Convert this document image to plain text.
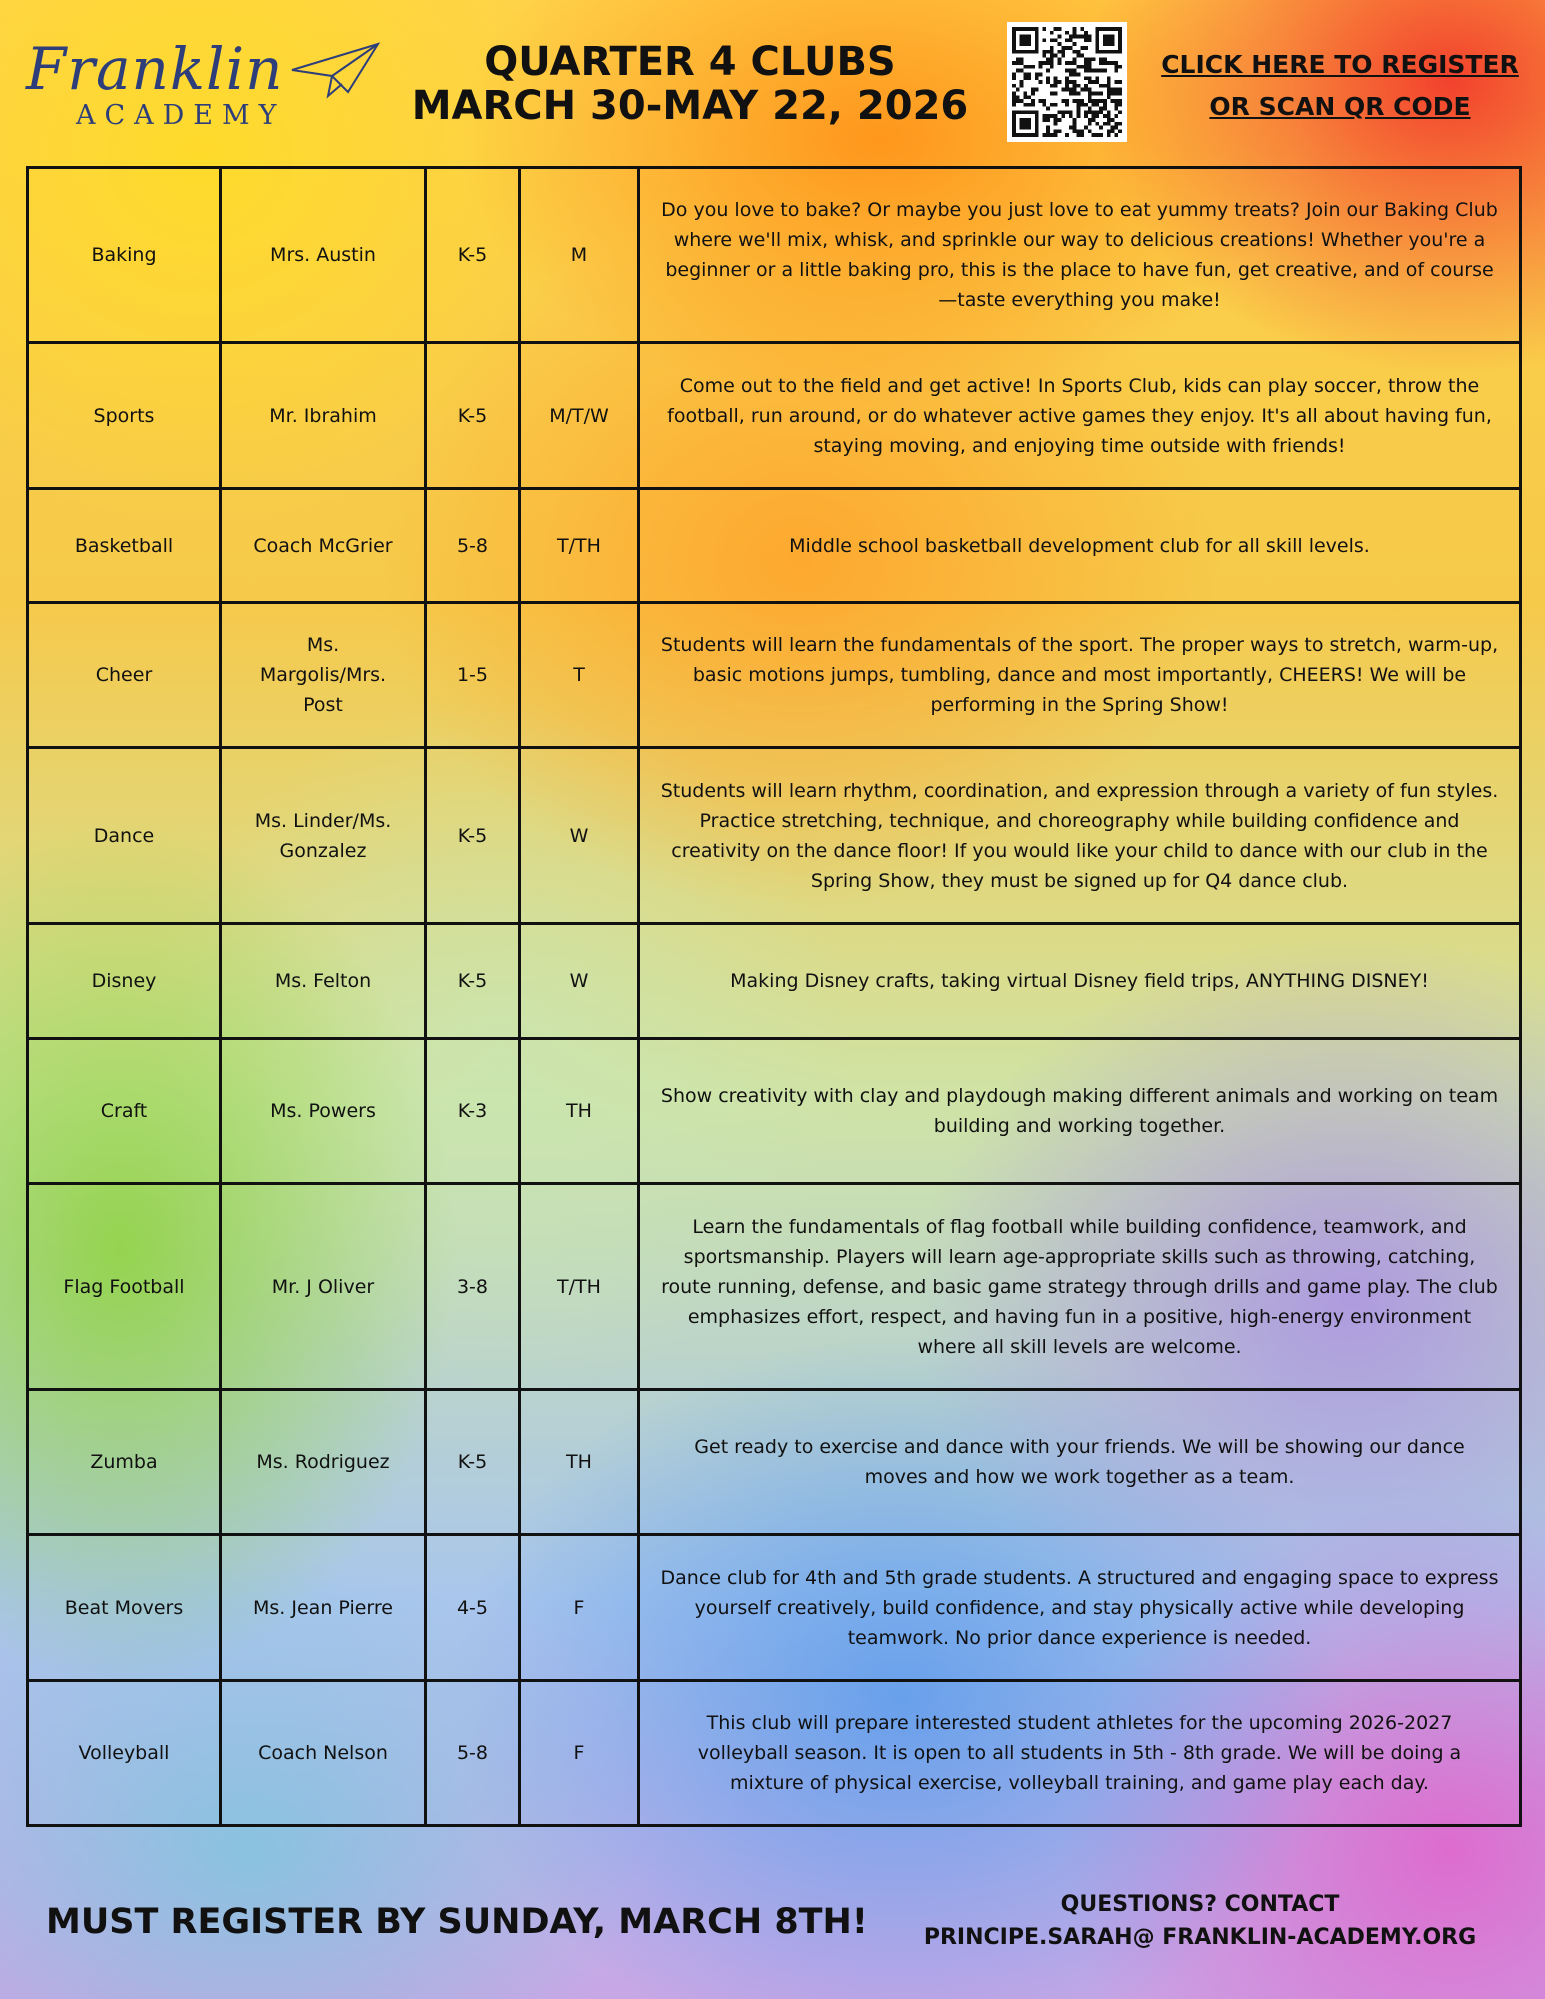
Franklin
ACADEMY
QUARTER 4 CLUBS
MARCH 30-MAY 22, 2026
CLICK HERE TO REGISTER
OR SCAN QR CODE
Baking	Mrs. Austin	K-5	M	Do you love to bake? Or maybe you just love to eat yummy treats? Join our Baking Club where we'll mix, whisk, and sprinkle our way to delicious creations! Whether you're a beginner or a little baking pro, this is the place to have fun, get creative, and of course—taste everything you make!
Sports	Mr. Ibrahim	K-5	M/T/W	Come out to the field and get active! In Sports Club, kids can play soccer, throw the football, run around, or do whatever active games they enjoy. It's all about having fun, staying moving, and enjoying time outside with friends!
Basketball	Coach McGrier	5-8	T/TH	Middle school basketball development club for all skill levels.
Cheer	Ms. Margolis/Mrs. Post	1-5	T	Students will learn the fundamentals of the sport. The proper ways to stretch, warm-up, basic motions jumps, tumbling, dance and most importantly, CHEERS! We will be performing in the Spring Show!
Dance	Ms. Linder/Ms. Gonzalez	K-5	W	Students will learn rhythm, coordination, and expression through a variety of fun styles. Practice stretching, technique, and choreography while building confidence and creativity on the dance floor! If you would like your child to dance with our club in the Spring Show, they must be signed up for Q4 dance club.
Disney	Ms. Felton	K-5	W	Making Disney crafts, taking virtual Disney field trips, ANYTHING DISNEY!
Craft	Ms. Powers	K-3	TH	Show creativity with clay and playdough making different animals and working on team building and working together.
Flag Football	Mr. J Oliver	3-8	T/TH	Learn the fundamentals of flag football while building confidence, teamwork, and sportsmanship. Players will learn age-appropriate skills such as throwing, catching, route running, defense, and basic game strategy through drills and game play. The club emphasizes effort, respect, and having fun in a positive, high-energy environment where all skill levels are welcome.
Zumba	Ms. Rodriguez	K-5	TH	Get ready to exercise and dance with your friends. We will be showing our dance moves and how we work together as a team.
Beat Movers	Ms. Jean Pierre	4-5	F	Dance club for 4th and 5th grade students. A structured and engaging space to express yourself creatively, build confidence, and stay physically active while developing teamwork. No prior dance experience is needed.
Volleyball	Coach Nelson	5-8	F	This club will prepare interested student athletes for the upcoming 2026-2027 volleyball season. It is open to all students in 5th - 8th grade. We will be doing a mixture of physical exercise, volleyball training, and game play each day.
MUST REGISTER BY SUNDAY, MARCH 8TH!	QUESTIONS? CONTACT
PRINCIPE.SARAH@ FRANKLIN-ACADEMY.ORG
